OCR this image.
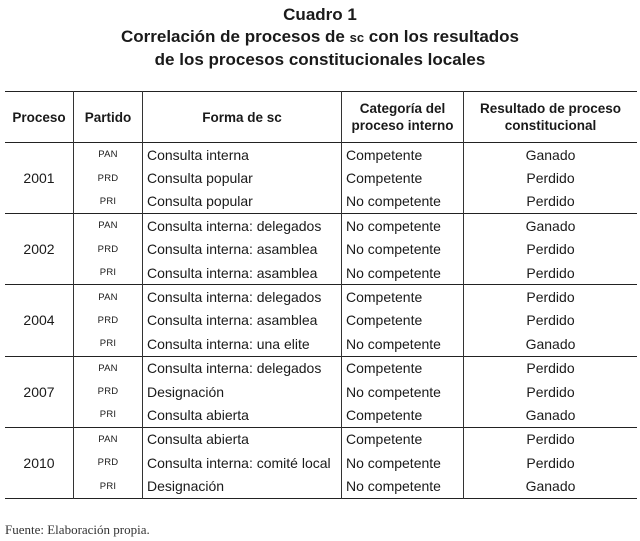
Cuadro 1
Correlación de procesos de sc con los resultados
de los procesos constitucionales locales
Proceso	Partido	Forma de sc	Categoría del proceso interno	Resultado de proceso constitucional
2001	PAN	Consulta interna	Competente	Ganado
	PRD	Consulta popular	Competente	Perdido
	PRI	Consulta popular	No competente	Perdido
2002	PAN	Consulta interna: delegados	No competente	Ganado
	PRD	Consulta interna: asamblea	No competente	Perdido
	PRI	Consulta interna: asamblea	No competente	Perdido
2004	PAN	Consulta interna: delegados	Competente	Perdido
	PRD	Consulta interna: asamblea	Competente	Perdido
	PRI	Consulta interna: una elite	No competente	Ganado
2007	PAN	Consulta interna: delegados	Competente	Perdido
	PRD	Designación	No competente	Perdido
	PRI	Consulta abierta	Competente	Ganado
2010	PAN	Consulta abierta	Competente	Perdido
	PRD	Consulta interna: comité local	No competente	Perdido
	PRI	Designación	No competente	Ganado
Fuente: Elaboración propia.
